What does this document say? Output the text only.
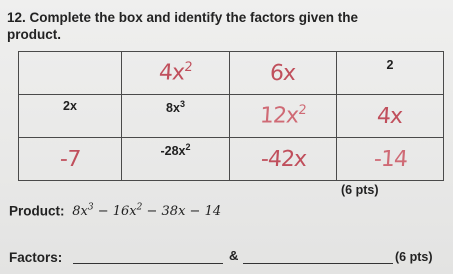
12. Complete the box and identify the factors given the
product.
	$4x^2$	6x	2

2x	$8x^3$	$12x^2$	4x
-7	$-28x^2$	-42x	-14
(6 pts)
Product: $8x^3 - 16x^2 - 38x - 14$
Factors:	&	(6 pts)
